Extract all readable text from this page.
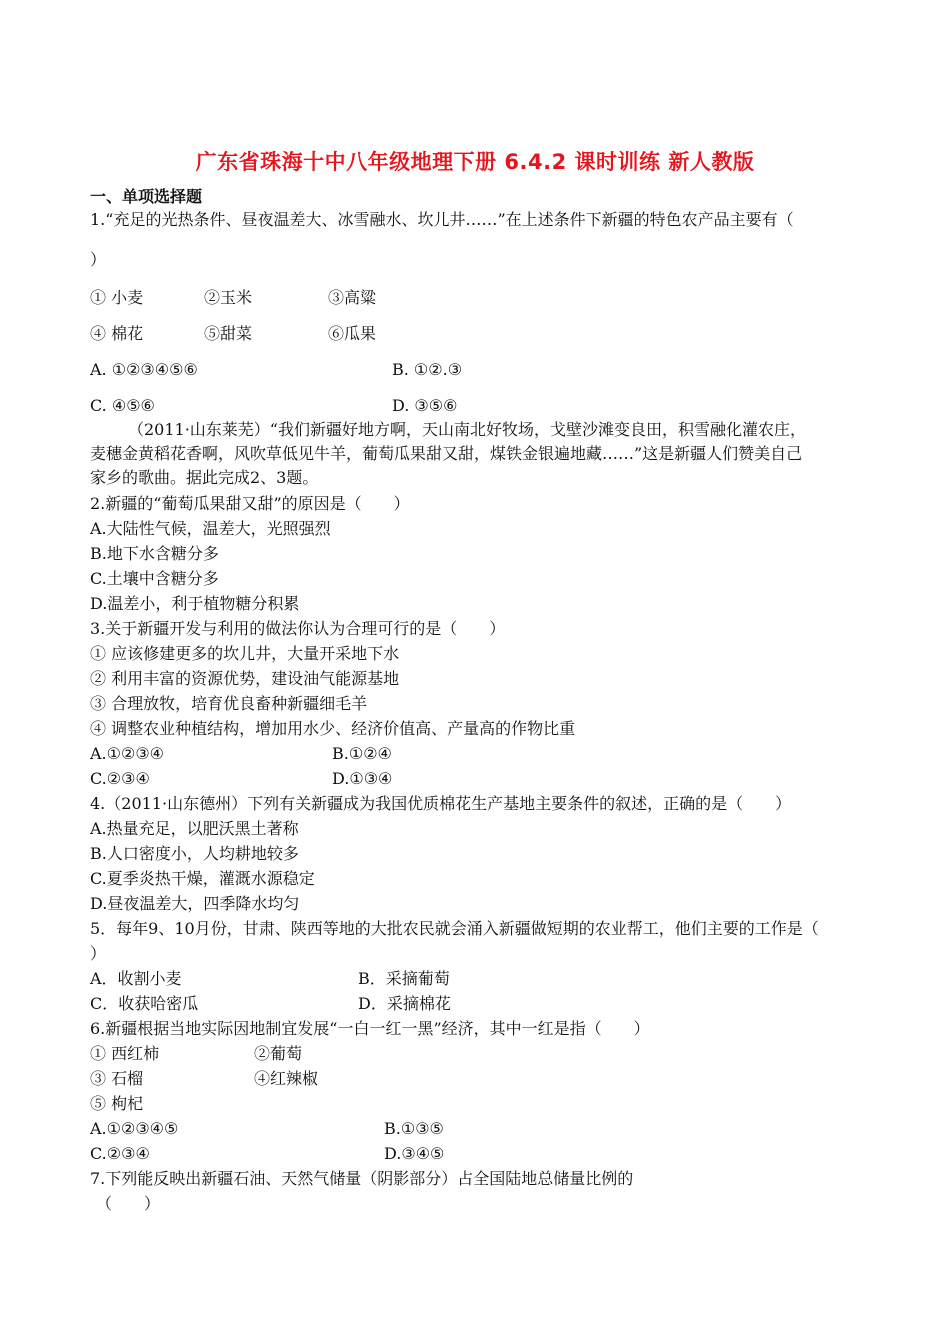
广东省珠海十中八年级地理下册 6.4.2 课时训练 新人教版
一、单项选择题
1.“充足的光热条件、昼夜温差大、冰雪融水、坎儿井……”在上述条件下新疆的特色农产品主要有（
）
① 小麦	②玉米	③高粱
④ 棉花	⑤甜菜	⑥瓜果
A. ①②③④⑤⑥	B. ①②.③
C. ④⑤⑥	D. ③⑤⑥
（2011·山东莱芜）“我们新疆好地方啊，天山南北好牧场，戈壁沙滩变良田，积雪融化灌农庄，
麦穗金黄稻花香啊，风吹草低见牛羊，葡萄瓜果甜又甜，煤铁金银遍地藏……”这是新疆人们赞美自己
家乡的歌曲。据此完成2、3题。
2.新疆的“葡萄瓜果甜又甜”的原因是（　　）
A.大陆性气候，温差大，光照强烈
B.地下水含糖分多
C.土壤中含糖分多
D.温差小，利于植物糖分积累
3.关于新疆开发与利用的做法你认为合理可行的是（　　）
① 应该修建更多的坎儿井，大量开采地下水
② 利用丰富的资源优势，建设油气能源基地
③ 合理放牧，培育优良畜种新疆细毛羊
④ 调整农业种植结构，增加用水少、经济价值高、产量高的作物比重
A.①②③④	B.①②④
C.②③④	D.①③④
4.（2011·山东德州）下列有关新疆成为我国优质棉花生产基地主要条件的叙述，正确的是（　　）
A.热量充足，以肥沃黑土著称
B.人口密度小，人均耕地较多
C.夏季炎热干燥，灌溉水源稳定
D.昼夜温差大，四季降水均匀
5．每年9、10月份，甘肃、陕西等地的大批农民就会涌入新疆做短期的农业帮工，他们主要的工作是（
）
A．收割小麦	B．采摘葡萄
C．收获哈密瓜	D．采摘棉花
6.新疆根据当地实际因地制宜发展“一白一红一黑”经济，其中一红是指（　　）
① 西红柿	②葡萄
③ 石榴	④红辣椒
⑤ 枸杞
A.①②③④⑤	B.①③⑤
C.②③④	D.③④⑤
7.下列能反映出新疆石油、天然气储量（阴影部分）占全国陆地总储量比例的
（　　）
